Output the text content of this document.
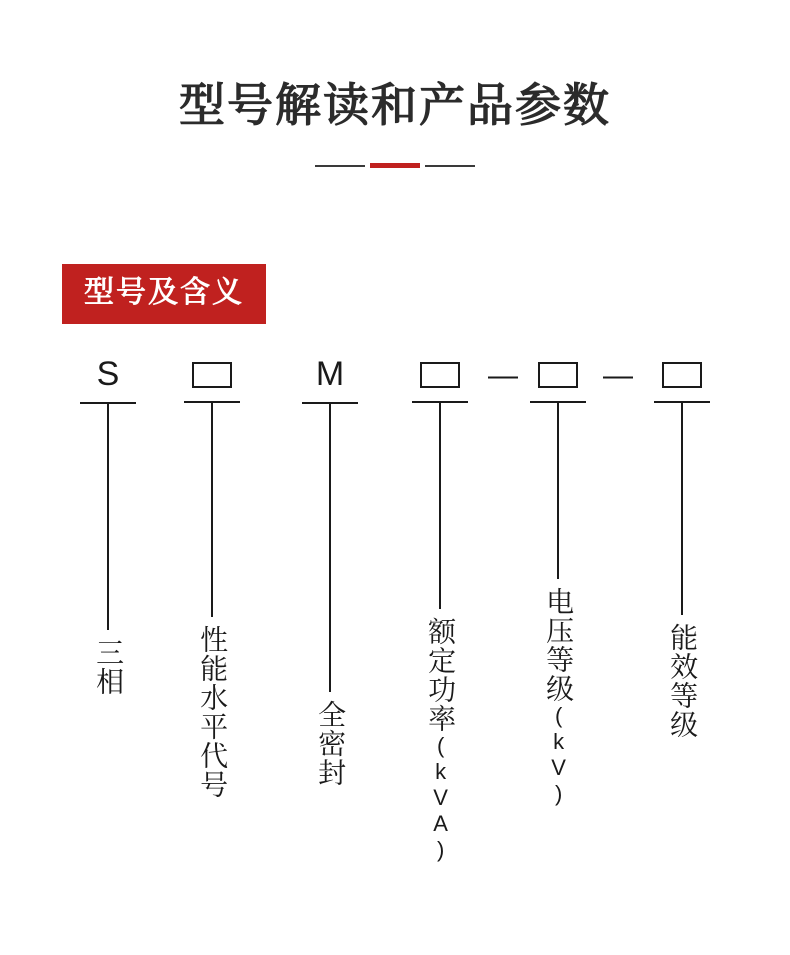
型号解读和产品参数
型号及含义
S
三相	性能水平代号
M
全密封
—
额定功率(kVA)
—
电压等级(kV)
能效等级
